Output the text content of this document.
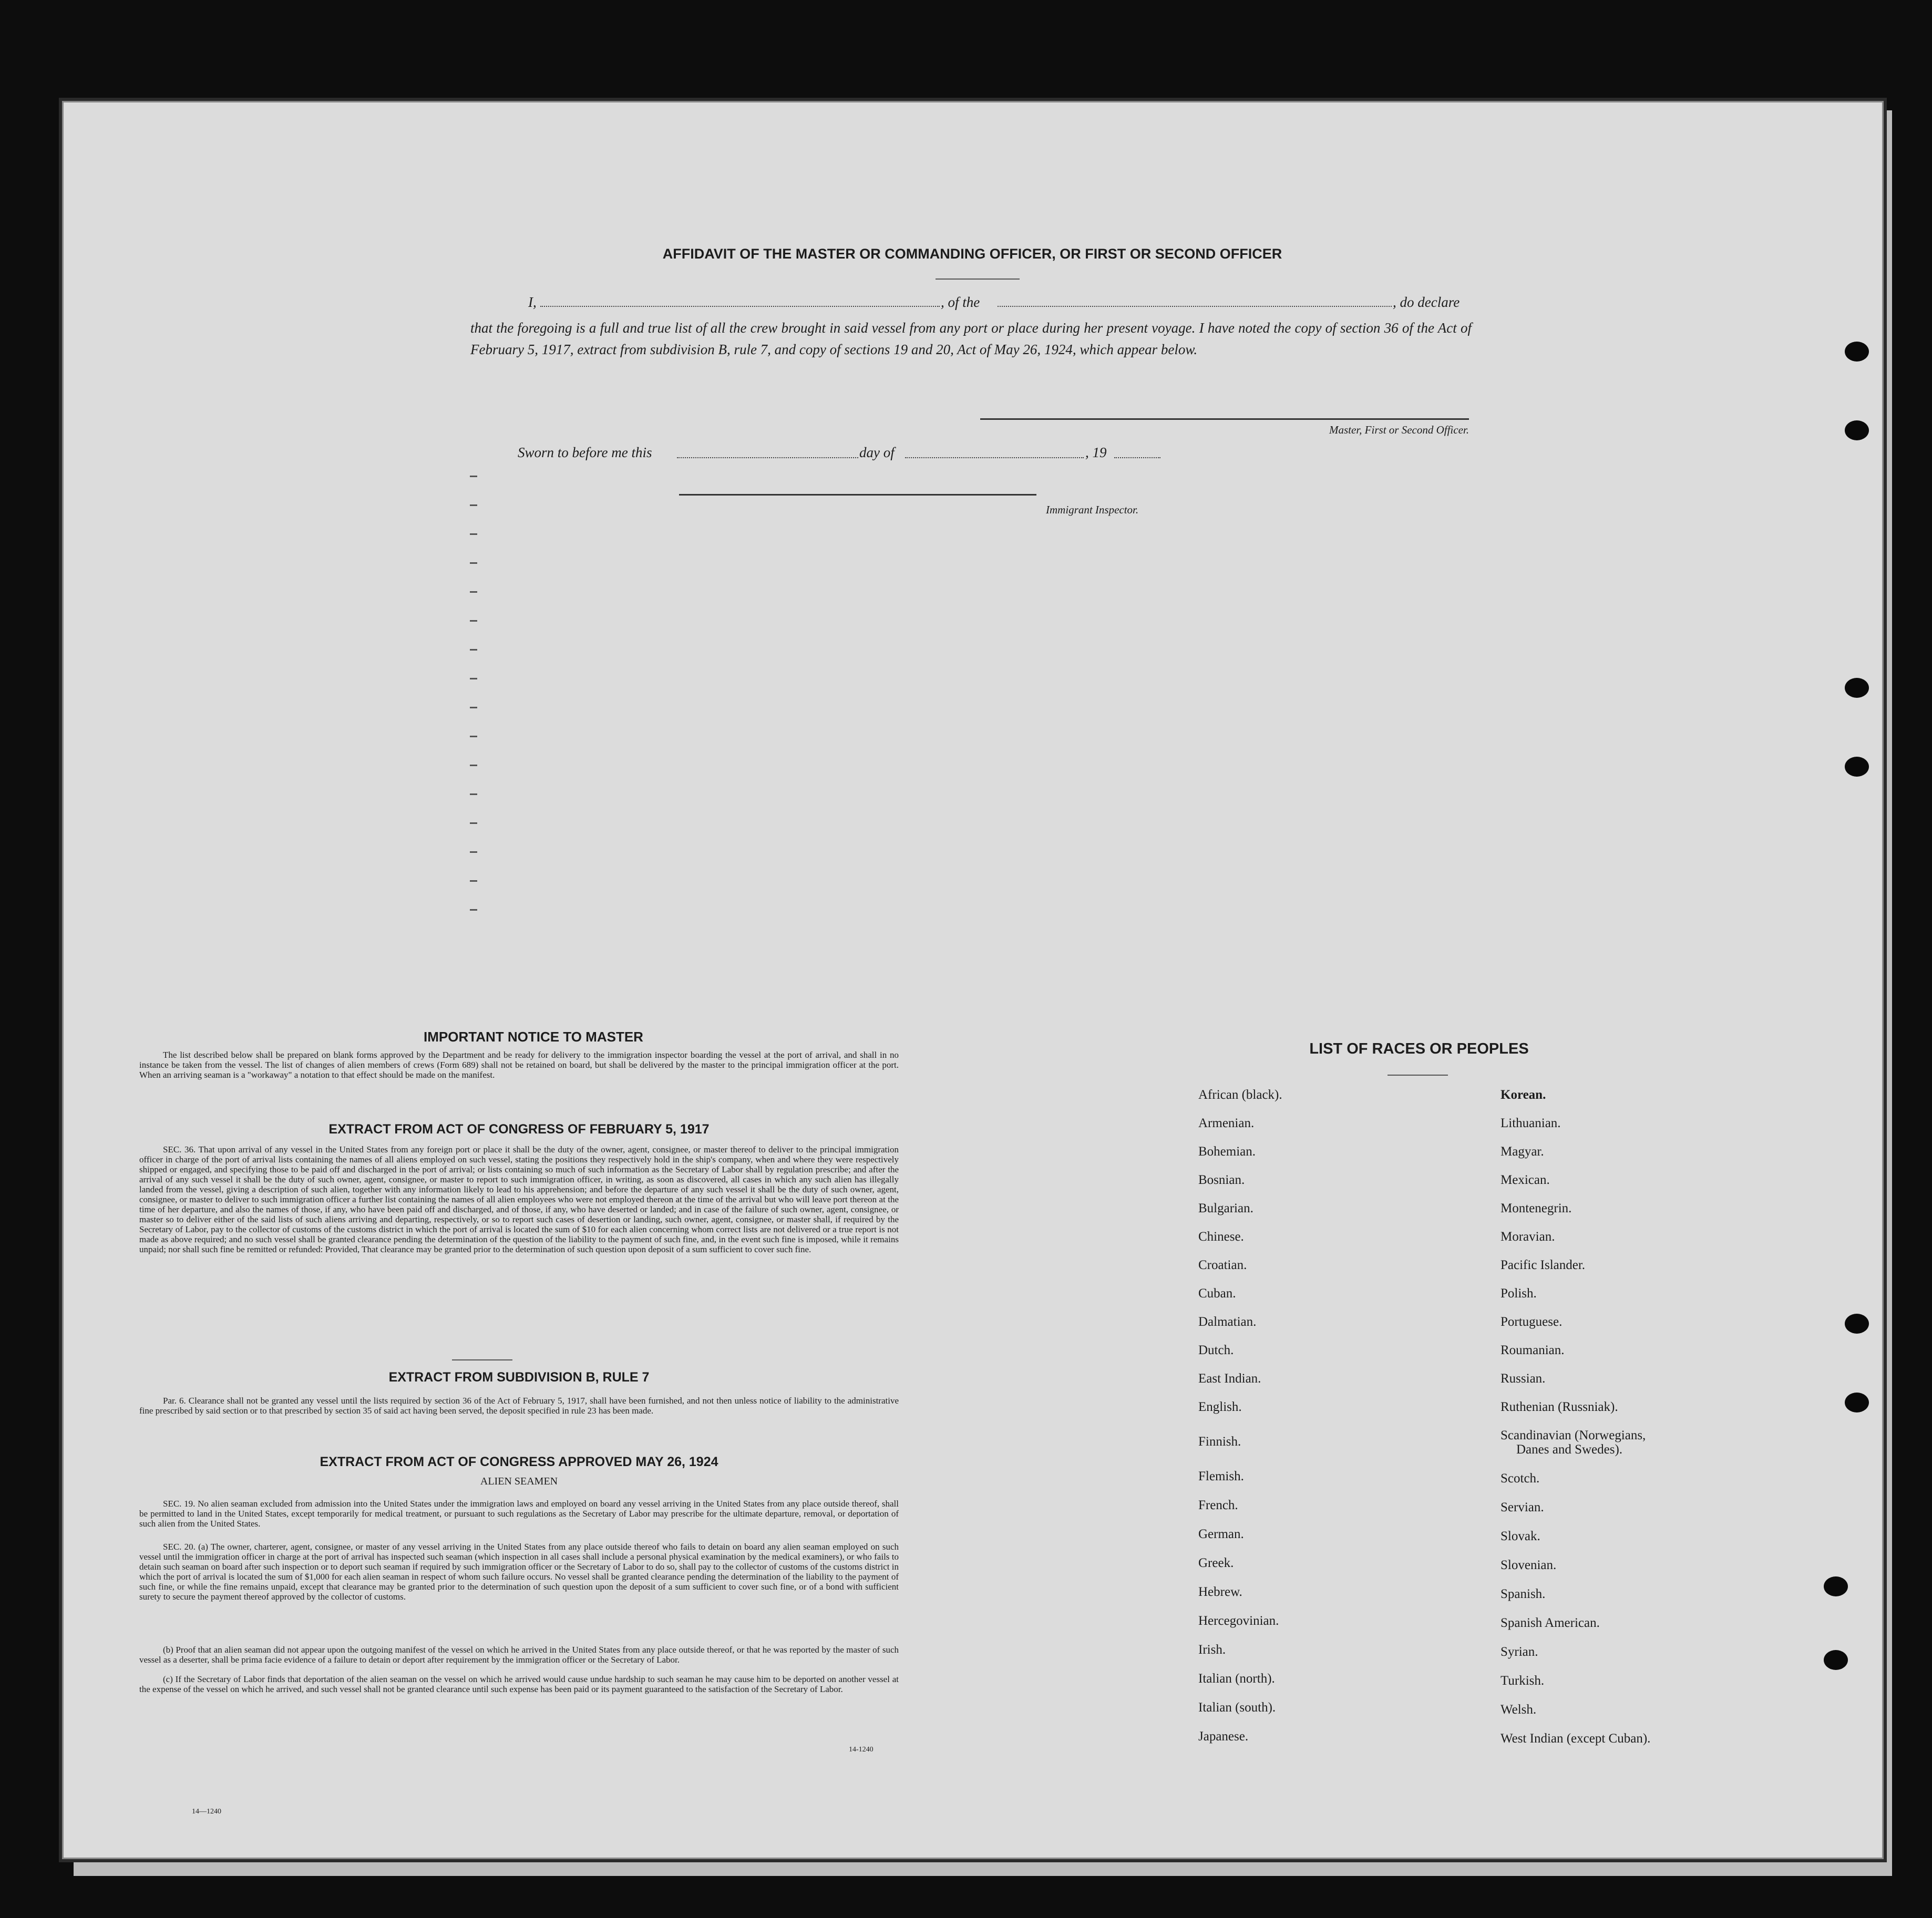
AFFIDAVIT OF THE MASTER OR COMMANDING OFFICER, OR FIRST OR SECOND OFFICER
I,	, of the	, do declare
that the foregoing is a full and true list of all the crew brought in said vessel from any port or place during her present voyage. I have noted the copy of section 36 of the Act of February 5, 1917, extract from subdivision B, rule 7, and copy of sections 19 and 20, Act of May 26, 1924, which appear below.
Master, First or Second Officer.
Sworn to before me this	day of	, 19
Immigrant Inspector.
IMPORTANT NOTICE TO MASTER
The list described below shall be prepared on blank forms approved by the Department and be ready for delivery to the immigration inspector boarding the vessel at the port of arrival, and shall in no instance be taken from the vessel. The list of changes of alien members of crews (Form 689) shall not be retained on board, but shall be delivered by the master to the principal immigration officer at the port. When an arriving seaman is a "workaway" a notation to that effect should be made on the manifest.
EXTRACT FROM ACT OF CONGRESS OF FEBRUARY 5, 1917
SEC. 36. That upon arrival of any vessel in the United States from any foreign port or place it shall be the duty of the owner, agent, consignee, or master thereof to deliver to the principal immigration officer in charge of the port of arrival lists containing the names of all aliens employed on such vessel, stating the positions they respectively hold in the ship's company, when and where they were respectively shipped or engaged, and specifying those to be paid off and discharged in the port of arrival; or lists containing so much of such information as the Secretary of Labor shall by regulation prescribe; and after the arrival of any such vessel it shall be the duty of such owner, agent, consignee, or master to report to such immigration officer, in writing, as soon as discovered, all cases in which any such alien has illegally landed from the vessel, giving a description of such alien, together with any information likely to lead to his apprehension; and before the departure of any such vessel it shall be the duty of such owner, agent, consignee, or master to deliver to such immigration officer a further list containing the names of all alien employees who were not employed thereon at the time of the arrival but who will leave port thereon at the time of her departure, and also the names of those, if any, who have been paid off and discharged, and of those, if any, who have deserted or landed; and in case of the failure of such owner, agent, consignee, or master so to deliver either of the said lists of such aliens arriving and departing, respectively, or so to report such cases of desertion or landing, such owner, agent, consignee, or master shall, if required by the Secretary of Labor, pay to the collector of customs of the customs district in which the port of arrival is located the sum of $10 for each alien concerning whom correct lists are not delivered or a true report is not made as above required; and no such vessel shall be granted clearance pending the determination of the question of the liability to the payment of such fine, and, in the event such fine is imposed, while it remains unpaid; nor shall such fine be remitted or refunded: Provided, That clearance may be granted prior to the determination of such question upon deposit of a sum sufficient to cover such fine.
EXTRACT FROM SUBDIVISION B, RULE 7
Par. 6. Clearance shall not be granted any vessel until the lists required by section 36 of the Act of February 5, 1917, shall have been furnished, and not then unless notice of liability to the administrative fine prescribed by said section or to that prescribed by section 35 of said act having been served, the deposit specified in rule 23 has been made.
EXTRACT FROM ACT OF CONGRESS APPROVED MAY 26, 1924
ALIEN SEAMEN
SEC. 19. No alien seaman excluded from admission into the United States under the immigration laws and employed on board any vessel arriving in the United States from any place outside thereof, shall be permitted to land in the United States, except temporarily for medical treatment, or pursuant to such regulations as the Secretary of Labor may prescribe for the ultimate departure, removal, or deportation of such alien from the United States.
SEC. 20. (a) The owner, charterer, agent, consignee, or master of any vessel arriving in the United States from any place outside thereof who fails to detain on board any alien seaman employed on such vessel until the immigration officer in charge at the port of arrival has inspected such seaman (which inspection in all cases shall include a personal physical examination by the medical examiners), or who fails to detain such seaman on board after such inspection or to deport such seaman if required by such immigration officer or the Secretary of Labor to do so, shall pay to the collector of customs of the customs district in which the port of arrival is located the sum of $1,000 for each alien seaman in respect of whom such failure occurs. No vessel shall be granted clearance pending the determination of the liability to the payment of such fine, or while the fine remains unpaid, except that clearance may be granted prior to the determination of such question upon the deposit of a sum sufficient to cover such fine, or of a bond with sufficient surety to secure the payment thereof approved by the collector of customs.
(b) Proof that an alien seaman did not appear upon the outgoing manifest of the vessel on which he arrived in the United States from any place outside thereof, or that he was reported by the master of such vessel as a deserter, shall be prima facie evidence of a failure to detain or deport after requirement by the immigration officer or the Secretary of Labor.
(c) If the Secretary of Labor finds that deportation of the alien seaman on the vessel on which he arrived would cause undue hardship to such seaman he may cause him to be deported on another vessel at the expense of the vessel on which he arrived, and such vessel shall not be granted clearance until such expense has been paid or its payment guaranteed to the satisfaction of the Secretary of Labor.
14-1240
14—1240
LIST OF RACES OR PEOPLES
African (black).
Armenian.
Bohemian.
Bosnian.
Bulgarian.
Chinese.
Croatian.
Cuban.
Dalmatian.
Dutch.
East Indian.
English.
Finnish.
Flemish.
French.
German.
Greek.
Hebrew.
Hercegovinian.
Irish.
Italian (north).
Italian (south).
Japanese.
Korean.
Lithuanian.
Magyar.
Mexican.
Montenegrin.
Moravian.
Pacific Islander.
Polish.
Portuguese.
Roumanian.
Russian.
Ruthenian (Russniak).
Scandinavian (Norwegians,
Danes and Swedes).
Scotch.
Servian.
Slovak.
Slovenian.
Spanish.
Spanish American.
Syrian.
Turkish.
Welsh.
West Indian (except Cuban).
